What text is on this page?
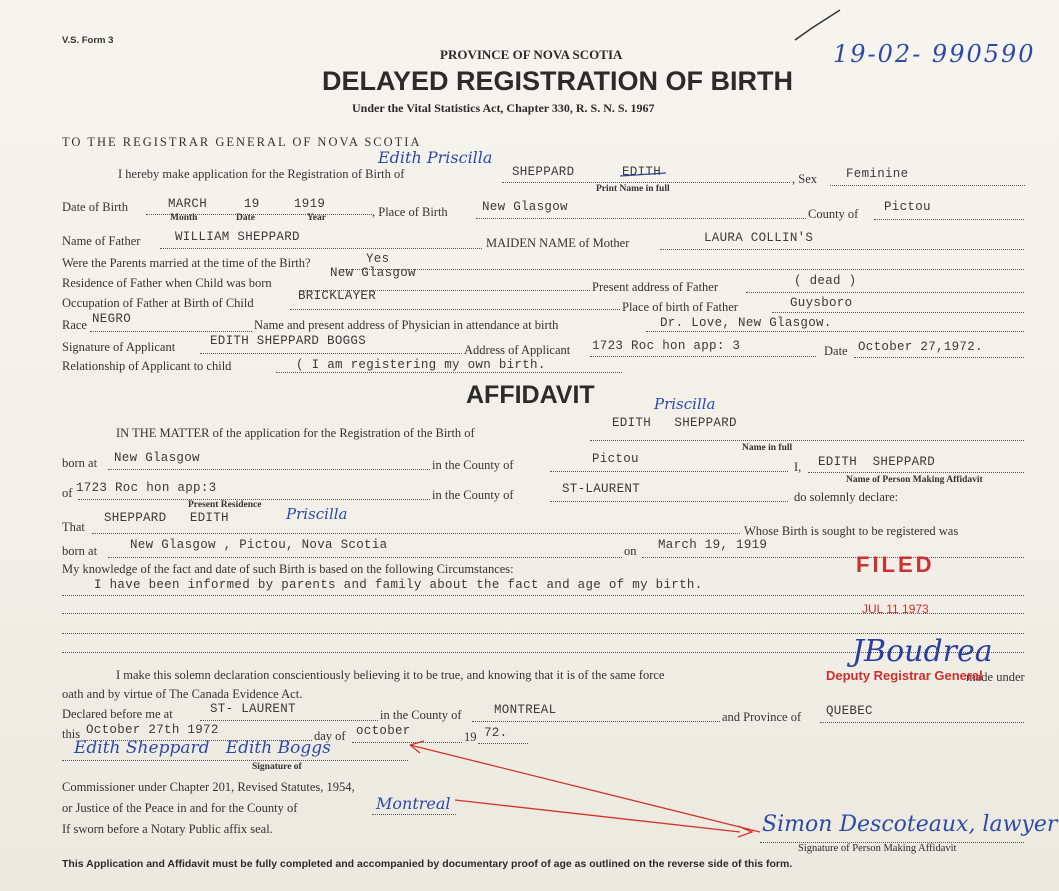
V.S. Form 3	19-02- 990590
PROVINCE OF NOVA SCOTIA
DELAYED REGISTRATION OF BIRTH
Under the Vital Statistics Act, Chapter 330, R. S. N. S. 1967
TO THE REGISTRAR GENERAL OF NOVA SCOTIA
I hereby make application for the Registration of Birth of
Edith Priscilla
SHEPPARD	EDITH
Print Name in full
, Sex Feminine
Date of Birth	MARCH	19	1919
Month	Date	Year	, Place of Birth	New Glasgow	County of Pictou
Name of Father	WILLIAM SHEPPARD	MAIDEN NAME of Mother	LAURA COLLIN'S
Were the Parents married at the time of the Birth?	Yes
Residence of Father when Child was born
New Glasgow
Present address of Father	( dead )
Occupation of Father at Birth of Child	BRICKLAYER
Place of birth of Father	Guysboro
Race NEGRO	Name and present address of Physician in attendance at birth	Dr. Love, New Glasgow.
Signature of Applicant	EDITH SHEPPARD BOGGS
Address of Applicant 1723 Roc hon app: 3	Date October 27,1972.
Relationship of Applicant to child	( I am registering my own birth.
AFFIDAVIT
IN THE MATTER of the application for the Registration of the Birth of
Priscilla
EDITH   SHEPPARD
Name in full
born at New Glasgow	in the County of	Pictou
I, EDITH  SHEPPARD
Name of Person Making Affidavit
of 1723 Roc hon app:3
Present Residence
in the County of	ST-LAURENT
do solemnly declare:
That
SHEPPARD   EDITH	Priscilla
Whose Birth is sought to be registered was
born at	New Glasgow , Pictou, Nova Scotia	on March 19, 1919
My knowledge of the fact and date of such Birth is based on the following Circumstances:
I have been informed by parents and family about the fact and age of my birth.
I make this solemn declaration conscientiously believing it to be true, and knowing that it is of the same force	made under
oath and by virtue of The Canada Evidence Act.
Declared before me at	ST- LAURENT	in the County of	MONTREAL	and Province of QUEBEC
this October 27th 1972	day of october	19 72.
Edith Sheppard   Edith Boggs
Signature of
Commissioner under Chapter 201, Revised Statutes, 1954,
or Justice of the Peace in and for the County of	Montreal
If sworn before a Notary Public affix seal.	Simon Descoteaux, lawyer
Signature of Person Making Affidavit
FILED
JUL 11 1973
JBoudrea
Deputy Registrar General
This Application and Affidavit must be fully completed and accompanied by documentary proof of age as outlined on the reverse side of this form.
